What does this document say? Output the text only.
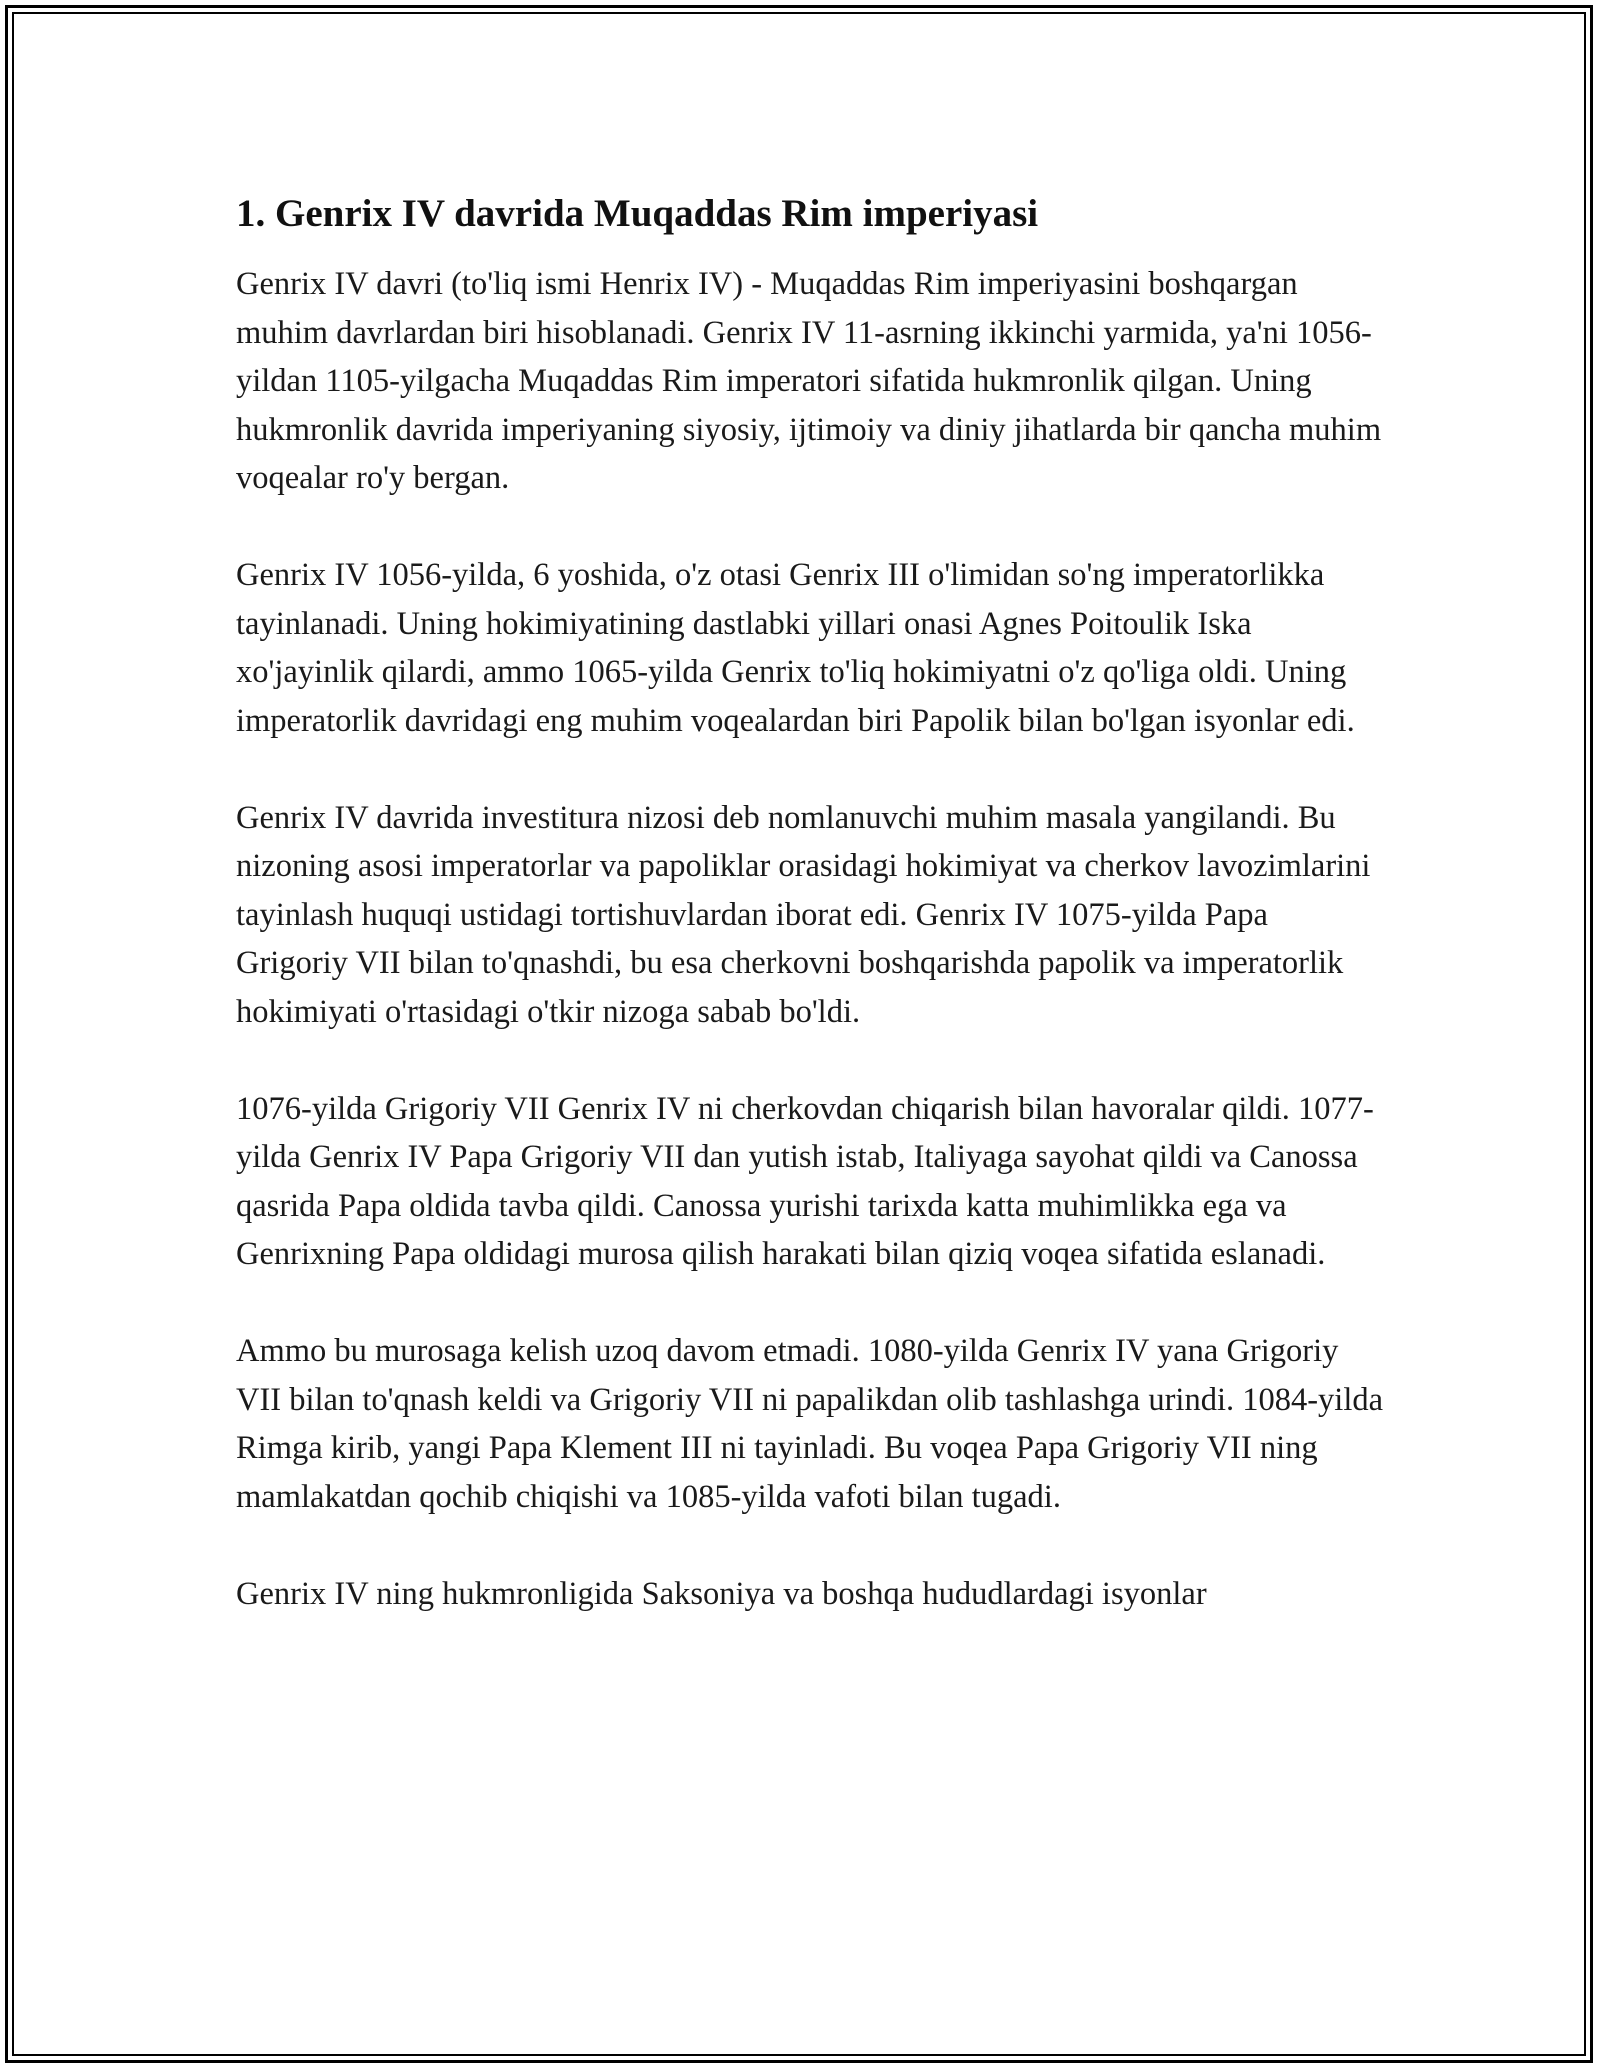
1. Genrix IV davrida Muqaddas Rim imperiyasi

Genrix IV davri (to'liq ismi Henrix IV) - Muqaddas Rim imperiyasini boshqargan muhim davrlardan biri hisoblanadi. Genrix IV 11-asrning ikkinchi yarmida, ya'ni 1056-yildan 1105-yilgacha Muqaddas Rim imperatori sifatida hukmronlik qilgan. Uning hukmronlik davrida imperiyaning siyosiy, ijtimoiy va diniy jihatlarda bir qancha muhim voqealar ro'y bergan.

Genrix IV 1056-yilda, 6 yoshida, o'z otasi Genrix III o'limidan so'ng imperatorlikka tayinlanadi. Uning hokimiyatining dastlabki yillari onasi Agnes Poitoulik Iska xo'jayinlik qilardi, ammo 1065-yilda Genrix to'liq hokimiyatni o'z qo'liga oldi. Uning imperatorlik davridagi eng muhim voqealardan biri Papolik bilan bo'lgan isyonlar edi.

Genrix IV davrida investitura nizosi deb nomlanuvchi muhim masala yangilandi. Bu nizoning asosi imperatorlar va papoliklar orasidagi hokimiyat va cherkov lavozimlarini tayinlash huquqi ustidagi tortishuvlardan iborat edi. Genrix IV 1075-yilda Papa Grigoriy VII bilan to'qnashdi, bu esa cherkovni boshqarishda papolik va imperatorlik hokimiyati o'rtasidagi o'tkir nizoga sabab bo'ldi.

1076-yilda Grigoriy VII Genrix IV ni cherkovdan chiqarish bilan havoralar qildi. 1077-yilda Genrix IV Papa Grigoriy VII dan yutish istab, Italiyaga sayohat qildi va Canossa qasrida Papa oldida tavba qildi. Canossa yurishi tarixda katta muhimlikka ega va Genrixning Papa oldidagi murosa qilish harakati bilan qiziq voqea sifatida eslanadi.

Ammo bu murosaga kelish uzoq davom etmadi. 1080-yilda Genrix IV yana Grigoriy VII bilan to'qnash keldi va Grigoriy VII ni papalikdan olib tashlashga urindi. 1084-yilda Rimga kirib, yangi Papa Klement III ni tayinladi. Bu voqea Papa Grigoriy VII ning mamlakatdan qochib chiqishi va 1085-yilda vafoti bilan tugadi.

Genrix IV ning hukmronligida Saksoniya va boshqa hududlardagi isyonlar
